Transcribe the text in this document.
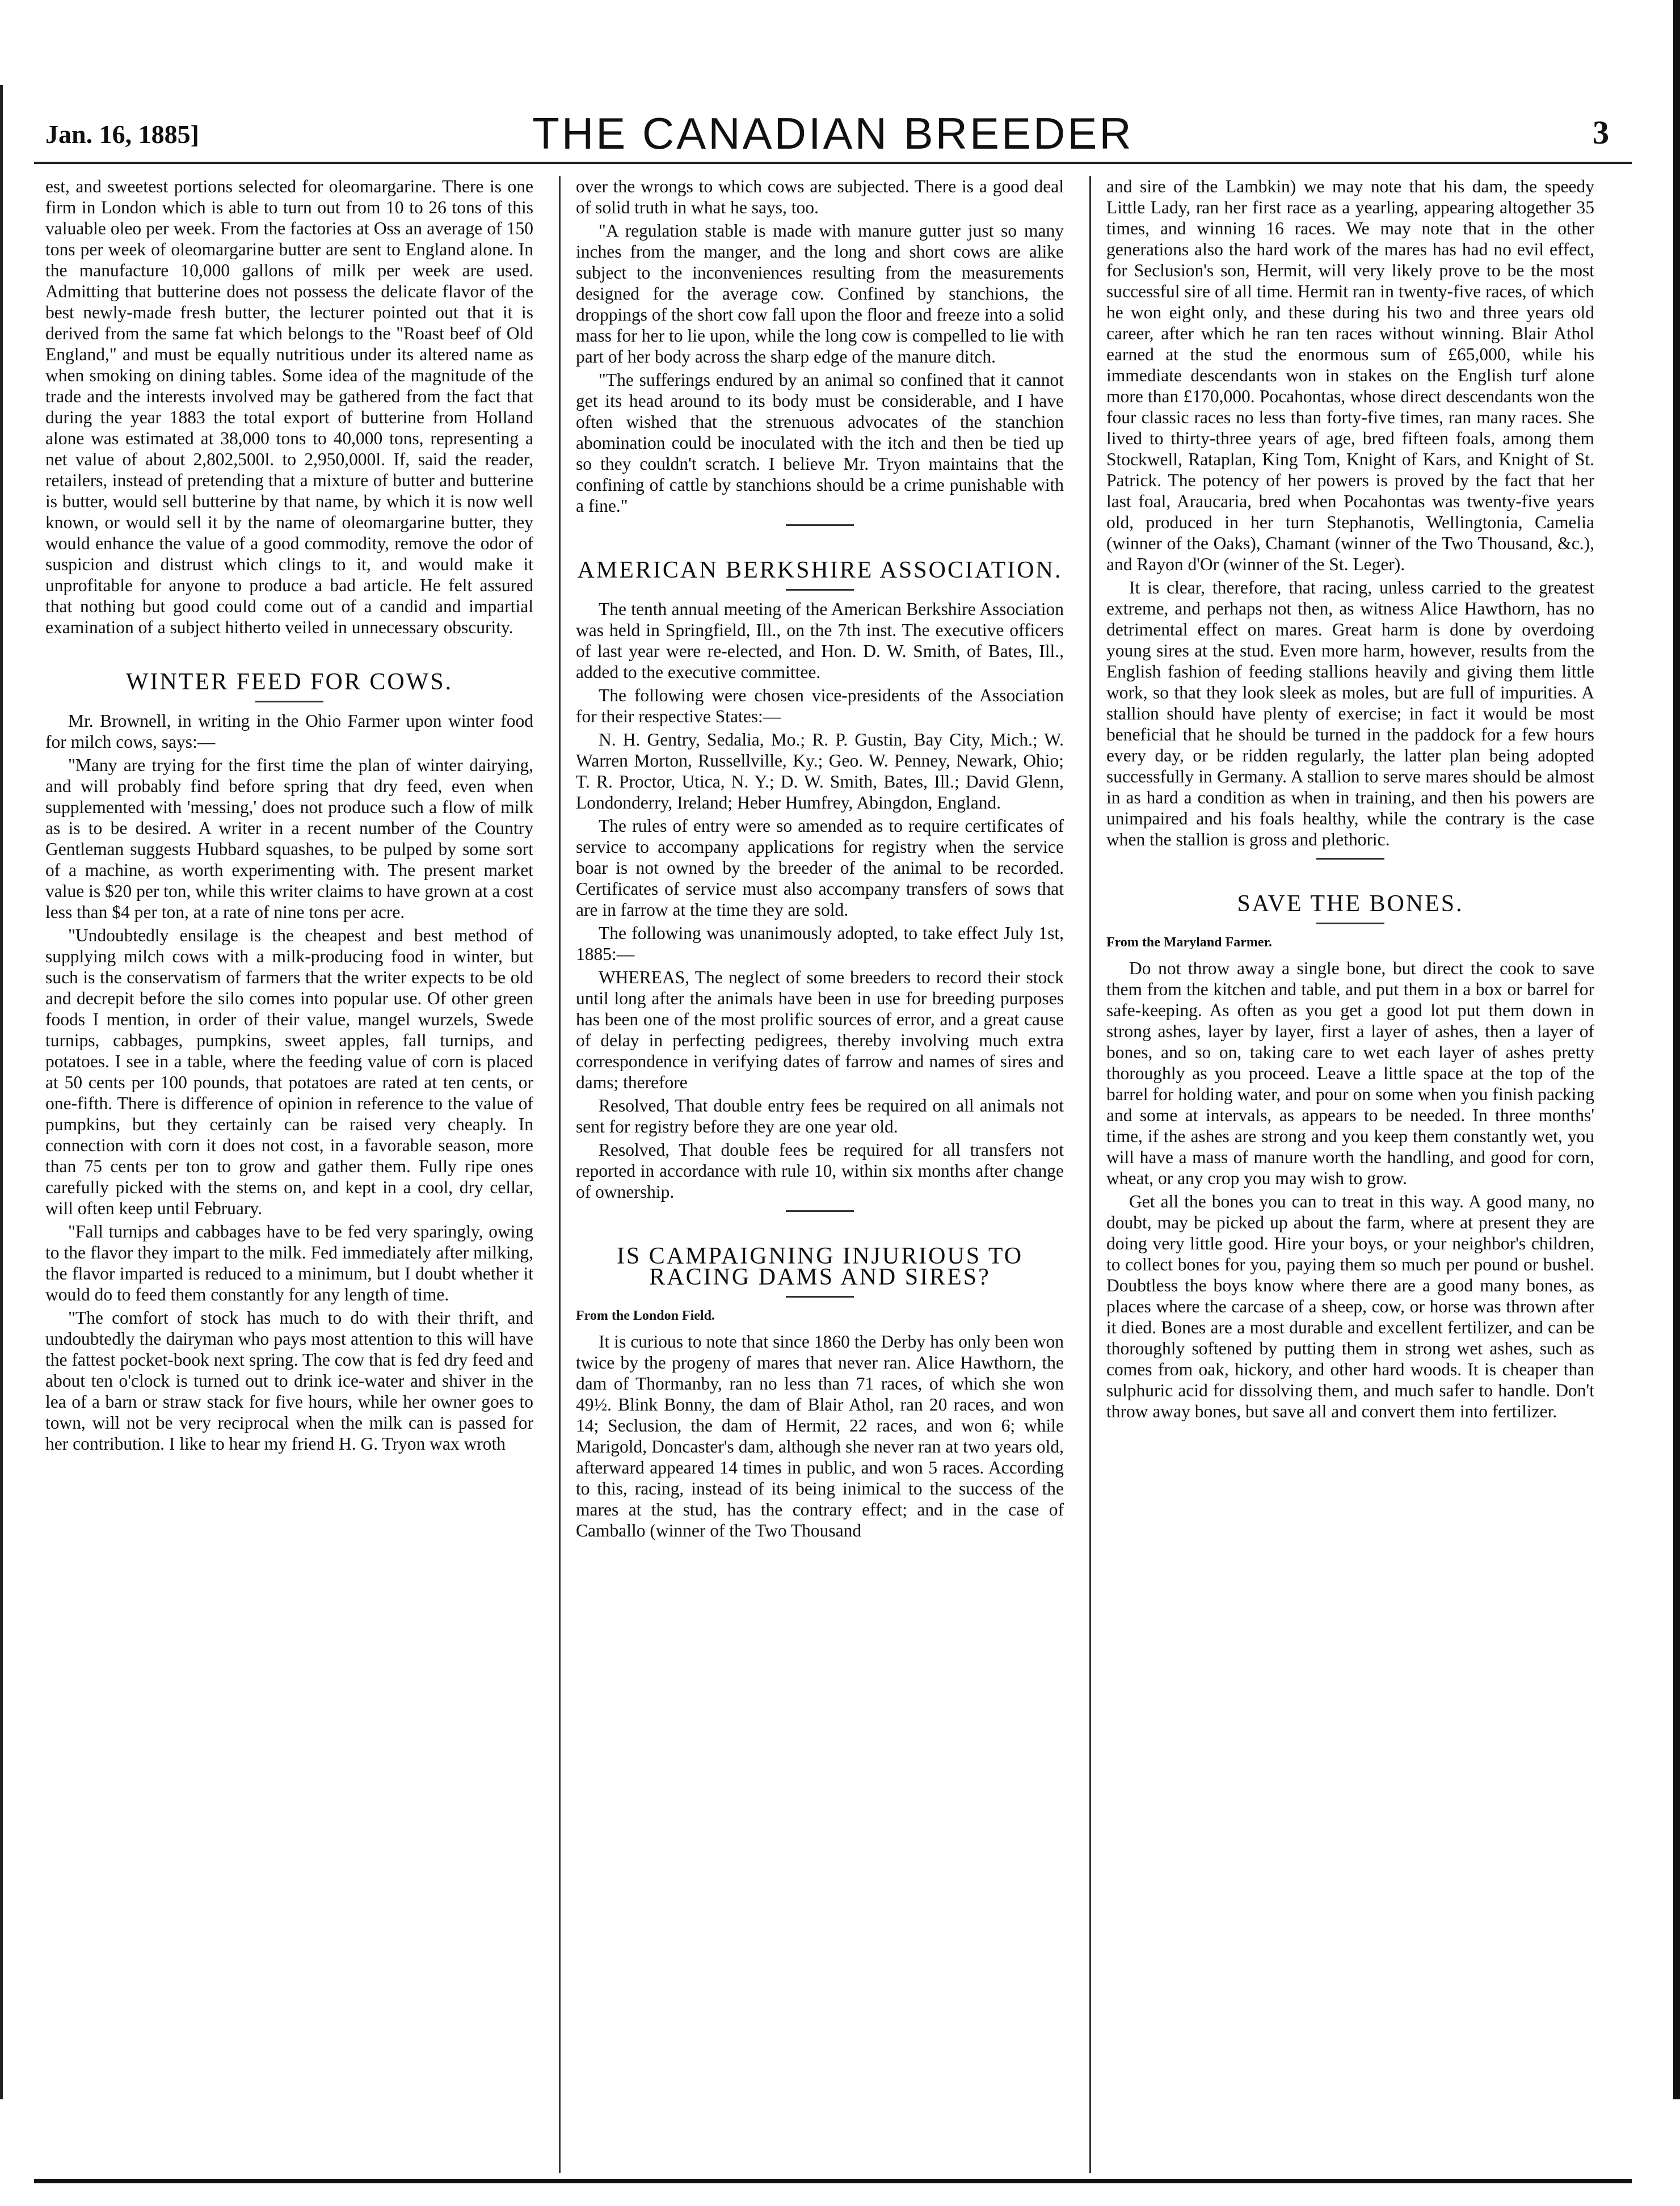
Jan. 16, 1885]	THE CANADIAN BREEDER	3

est, and sweetest portions selected for oleomargarine. There is one firm in London which is able to turn out from 10 to 26 tons of this valuable oleo per week. From the factories at Oss an average of 150 tons per week of oleomargarine butter are sent to England alone. In the manufacture 10,000 gallons of milk per week are used. Admitting that butterine does not possess the delicate flavor of the best newly-made fresh butter, the lecturer pointed out that it is derived from the same fat which belongs to the "Roast beef of Old England," and must be equally nutritious under its altered name as when smoking on dining tables. Some idea of the magnitude of the trade and the interests involved may be gathered from the fact that during the year 1883 the total export of butterine from Holland alone was estimated at 38,000 tons to 40,000 tons, representing a net value of about 2,802,500l. to 2,950,000l. If, said the reader, retailers, instead of pretending that a mixture of butter and butterine is butter, would sell butterine by that name, by which it is now well known, or would sell it by the name of oleomargarine butter, they would enhance the value of a good commodity, remove the odor of suspicion and distrust which clings to it, and would make it unprofitable for anyone to produce a bad article. He felt assured that nothing but good could come out of a candid and impartial examination of a subject hitherto veiled in unnecessary obscurity.

WINTER FEED FOR COWS.

Mr. Brownell, in writing in the Ohio Farmer upon winter food for milch cows, says:—

"Many are trying for the first time the plan of winter dairying, and will probably find before spring that dry feed, even when supplemented with 'messing,' does not produce such a flow of milk as is to be desired. A writer in a recent number of the Country Gentleman suggests Hubbard squashes, to be pulped by some sort of a machine, as worth experimenting with. The present market value is $20 per ton, while this writer claims to have grown at a cost less than $4 per ton, at a rate of nine tons per acre.

"Undoubtedly ensilage is the cheapest and best method of supplying milch cows with a milk-producing food in winter, but such is the conservatism of farmers that the writer expects to be old and decrepit before the silo comes into popular use. Of other green foods I mention, in order of their value, mangel wurzels, Swede turnips, cabbages, pumpkins, sweet apples, fall turnips, and potatoes. I see in a table, where the feeding value of corn is placed at 50 cents per 100 pounds, that potatoes are rated at ten cents, or one-fifth. There is difference of opinion in reference to the value of pumpkins, but they certainly can be raised very cheaply. In connection with corn it does not cost, in a favorable season, more than 75 cents per ton to grow and gather them. Fully ripe ones carefully picked with the stems on, and kept in a cool, dry cellar, will often keep until February.

"Fall turnips and cabbages have to be fed very sparingly, owing to the flavor they impart to the milk. Fed immediately after milking, the flavor imparted is reduced to a minimum, but I doubt whether it would do to feed them constantly for any length of time.

"The comfort of stock has much to do with their thrift, and undoubtedly the dairyman who pays most attention to this will have the fattest pocket-book next spring. The cow that is fed dry feed and about ten o'clock is turned out to drink ice-water and shiver in the lea of a barn or straw stack for five hours, while her owner goes to town, will not be very reciprocal when the milk can is passed for her contribution. I like to hear my friend H. G. Tryon wax wroth

over the wrongs to which cows are subjected. There is a good deal of solid truth in what he says, too.

"A regulation stable is made with manure gutter just so many inches from the manger, and the long and short cows are alike subject to the inconveniences resulting from the measurements designed for the average cow. Confined by stanchions, the droppings of the short cow fall upon the floor and freeze into a solid mass for her to lie upon, while the long cow is compelled to lie with part of her body across the sharp edge of the manure ditch.

"The sufferings endured by an animal so confined that it cannot get its head around to its body must be considerable, and I have often wished that the strenuous advocates of the stanchion abomination could be inoculated with the itch and then be tied up so they couldn't scratch. I believe Mr. Tryon maintains that the confining of cattle by stanchions should be a crime punishable with a fine."

AMERICAN BERKSHIRE ASSOCIATION.

The tenth annual meeting of the American Berkshire Association was held in Springfield, Ill., on the 7th inst. The executive officers of last year were re-elected, and Hon. D. W. Smith, of Bates, Ill., added to the executive committee.

The following were chosen vice-presidents of the Association for their respective States:—

N. H. Gentry, Sedalia, Mo.; R. P. Gustin, Bay City, Mich.; W. Warren Morton, Russellville, Ky.; Geo. W. Penney, Newark, Ohio; T. R. Proctor, Utica, N. Y.; D. W. Smith, Bates, Ill.; David Glenn, Londonderry, Ireland; Heber Humfrey, Abingdon, England.

The rules of entry were so amended as to require certificates of service to accompany applications for registry when the service boar is not owned by the breeder of the animal to be recorded. Certificates of service must also accompany transfers of sows that are in farrow at the time they are sold.

The following was unanimously adopted, to take effect July 1st, 1885:—

WHEREAS, The neglect of some breeders to record their stock until long after the animals have been in use for breeding purposes has been one of the most prolific sources of error, and a great cause of delay in perfecting pedigrees, thereby involving much extra correspondence in verifying dates of farrow and names of sires and dams; therefore

Resolved, That double entry fees be required on all animals not sent for registry before they are one year old.

Resolved, That double fees be required for all transfers not reported in accordance with rule 10, within six months after change of ownership.

IS CAMPAIGNING INJURIOUS TO RACING DAMS AND SIRES?
From the London Field.

It is curious to note that since 1860 the Derby has only been won twice by the progeny of mares that never ran. Alice Hawthorn, the dam of Thormanby, ran no less than 71 races, of which she won 49½. Blink Bonny, the dam of Blair Athol, ran 20 races, and won 14; Seclusion, the dam of Hermit, 22 races, and won 6; while Marigold, Doncaster's dam, although she never ran at two years old, afterward appeared 14 times in public, and won 5 races. According to this, racing, instead of its being inimical to the success of the mares at the stud, has the contrary effect; and in the case of Camballo (winner of the Two Thousand

and sire of the Lambkin) we may note that his dam, the speedy Little Lady, ran her first race as a yearling, appearing altogether 35 times, and winning 16 races. We may note that in the other generations also the hard work of the mares has had no evil effect, for Seclusion's son, Hermit, will very likely prove to be the most successful sire of all time. Hermit ran in twenty-five races, of which he won eight only, and these during his two and three years old career, after which he ran ten races without winning. Blair Athol earned at the stud the enormous sum of £65,000, while his immediate descendants won in stakes on the English turf alone more than £170,000. Pocahontas, whose direct descendants won the four classic races no less than forty-five times, ran many races. She lived to thirty-three years of age, bred fifteen foals, among them Stockwell, Rataplan, King Tom, Knight of Kars, and Knight of St. Patrick. The potency of her powers is proved by the fact that her last foal, Araucaria, bred when Pocahontas was twenty-five years old, produced in her turn Stephanotis, Wellingtonia, Camelia (winner of the Oaks), Chamant (winner of the Two Thousand, &c.), and Rayon d'Or (winner of the St. Leger).

It is clear, therefore, that racing, unless carried to the greatest extreme, and perhaps not then, as witness Alice Hawthorn, has no detrimental effect on mares. Great harm is done by overdoing young sires at the stud. Even more harm, however, results from the English fashion of feeding stallions heavily and giving them little work, so that they look sleek as moles, but are full of impurities. A stallion should have plenty of exercise; in fact it would be most beneficial that he should be turned in the paddock for a few hours every day, or be ridden regularly, the latter plan being adopted successfully in Germany. A stallion to serve mares should be almost in as hard a condition as when in training, and then his powers are unimpaired and his foals healthy, while the contrary is the case when the stallion is gross and plethoric.

SAVE THE BONES.
From the Maryland Farmer.

Do not throw away a single bone, but direct the cook to save them from the kitchen and table, and put them in a box or barrel for safe-keeping. As often as you get a good lot put them down in strong ashes, layer by layer, first a layer of ashes, then a layer of bones, and so on, taking care to wet each layer of ashes pretty thoroughly as you proceed. Leave a little space at the top of the barrel for holding water, and pour on some when you finish packing and some at intervals, as appears to be needed. In three months' time, if the ashes are strong and you keep them constantly wet, you will have a mass of manure worth the handling, and good for corn, wheat, or any crop you may wish to grow.

Get all the bones you can to treat in this way. A good many, no doubt, may be picked up about the farm, where at present they are doing very little good. Hire your boys, or your neighbor's children, to collect bones for you, paying them so much per pound or bushel. Doubtless the boys know where there are a good many bones, as places where the carcase of a sheep, cow, or horse was thrown after it died. Bones are a most durable and excellent fertilizer, and can be thoroughly softened by putting them in strong wet ashes, such as comes from oak, hickory, and other hard woods. It is cheaper than sulphuric acid for dissolving them, and much safer to handle. Don't throw away bones, but save all and convert them into fertilizer.
